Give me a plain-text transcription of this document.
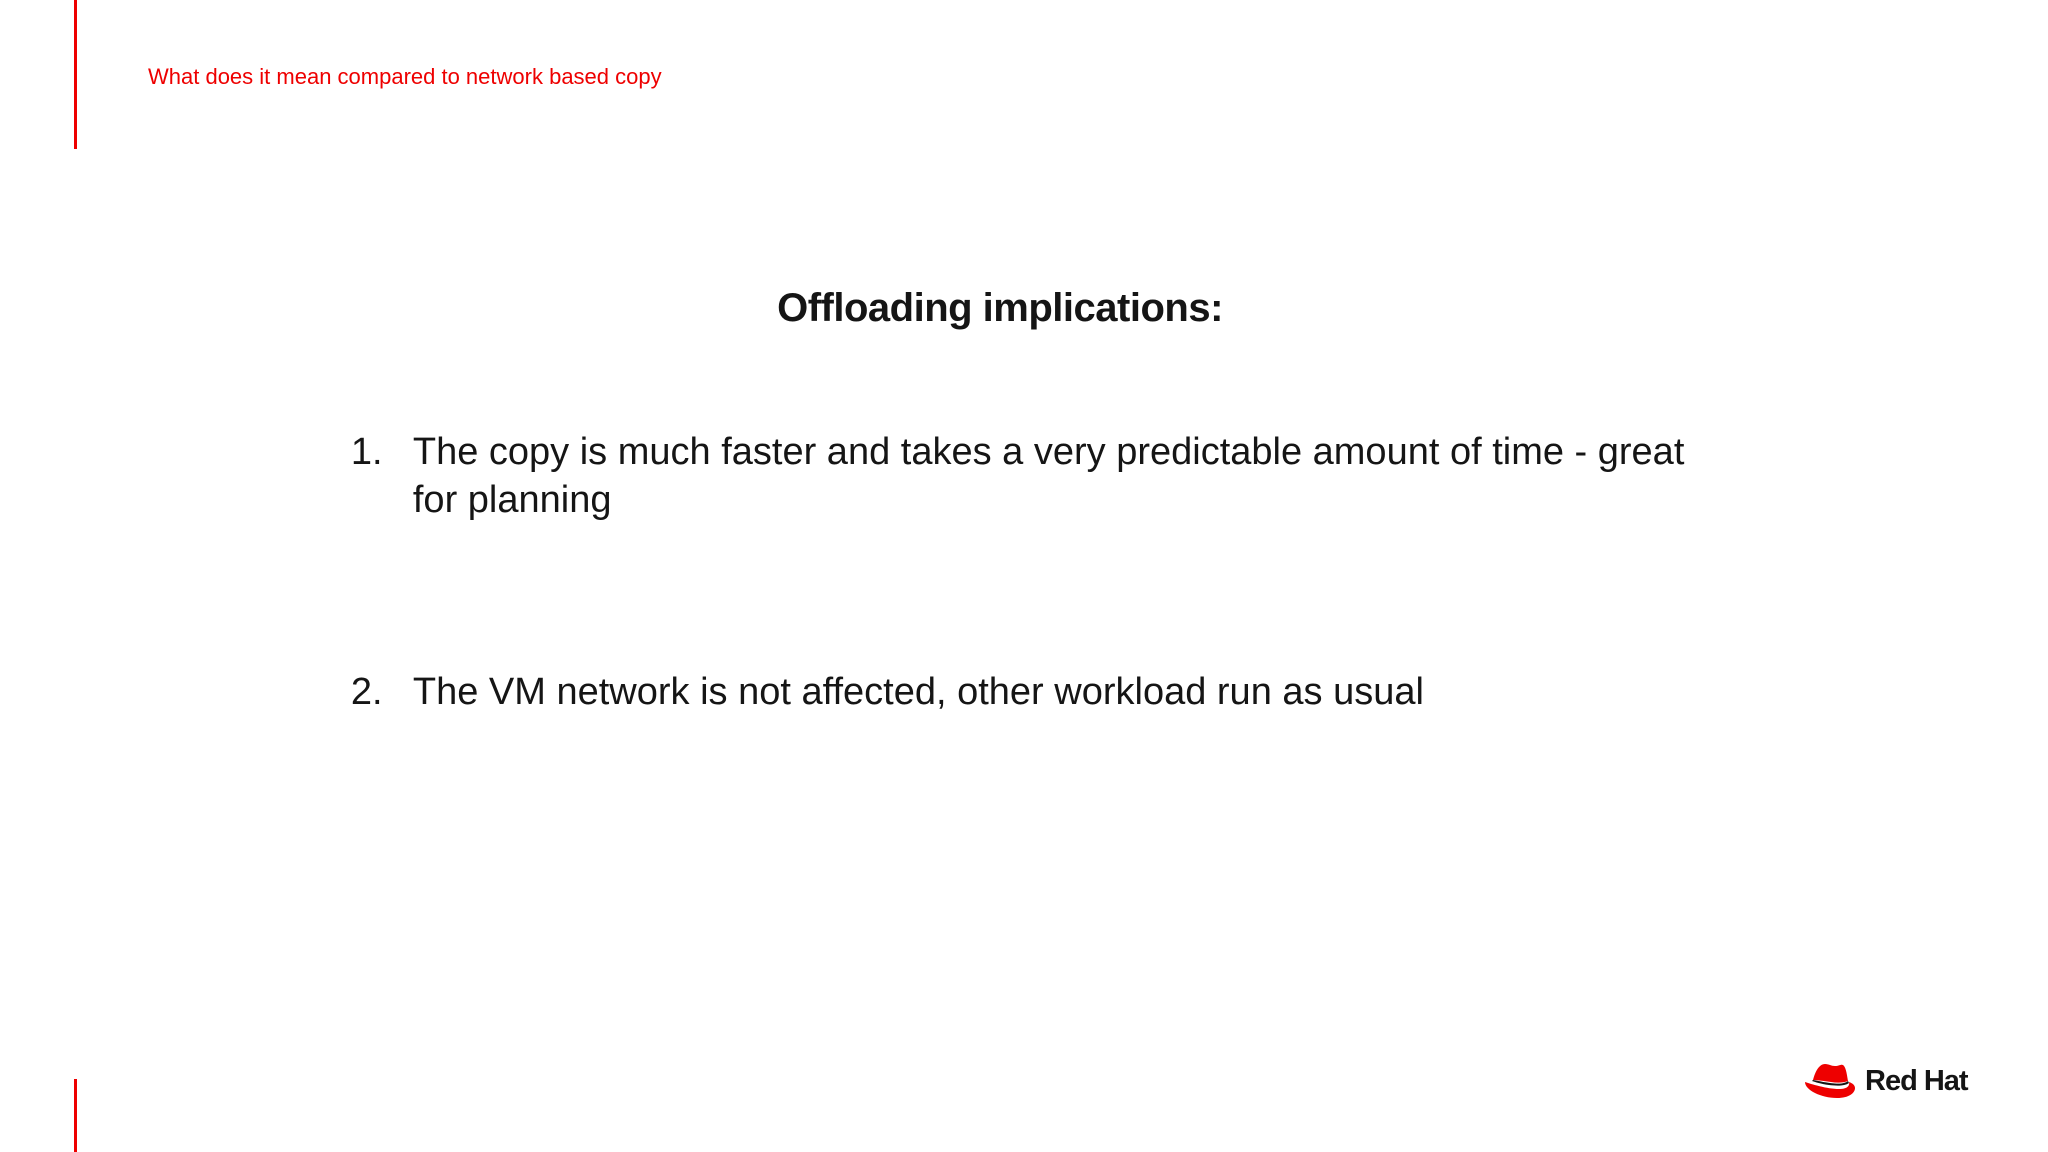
What does it mean compared to network based copy
Offloading implications:
1. The copy is much faster and takes a very predictable amount of time - great for planning
2. The VM network is not affected, other workload run as usual
Red Hat
